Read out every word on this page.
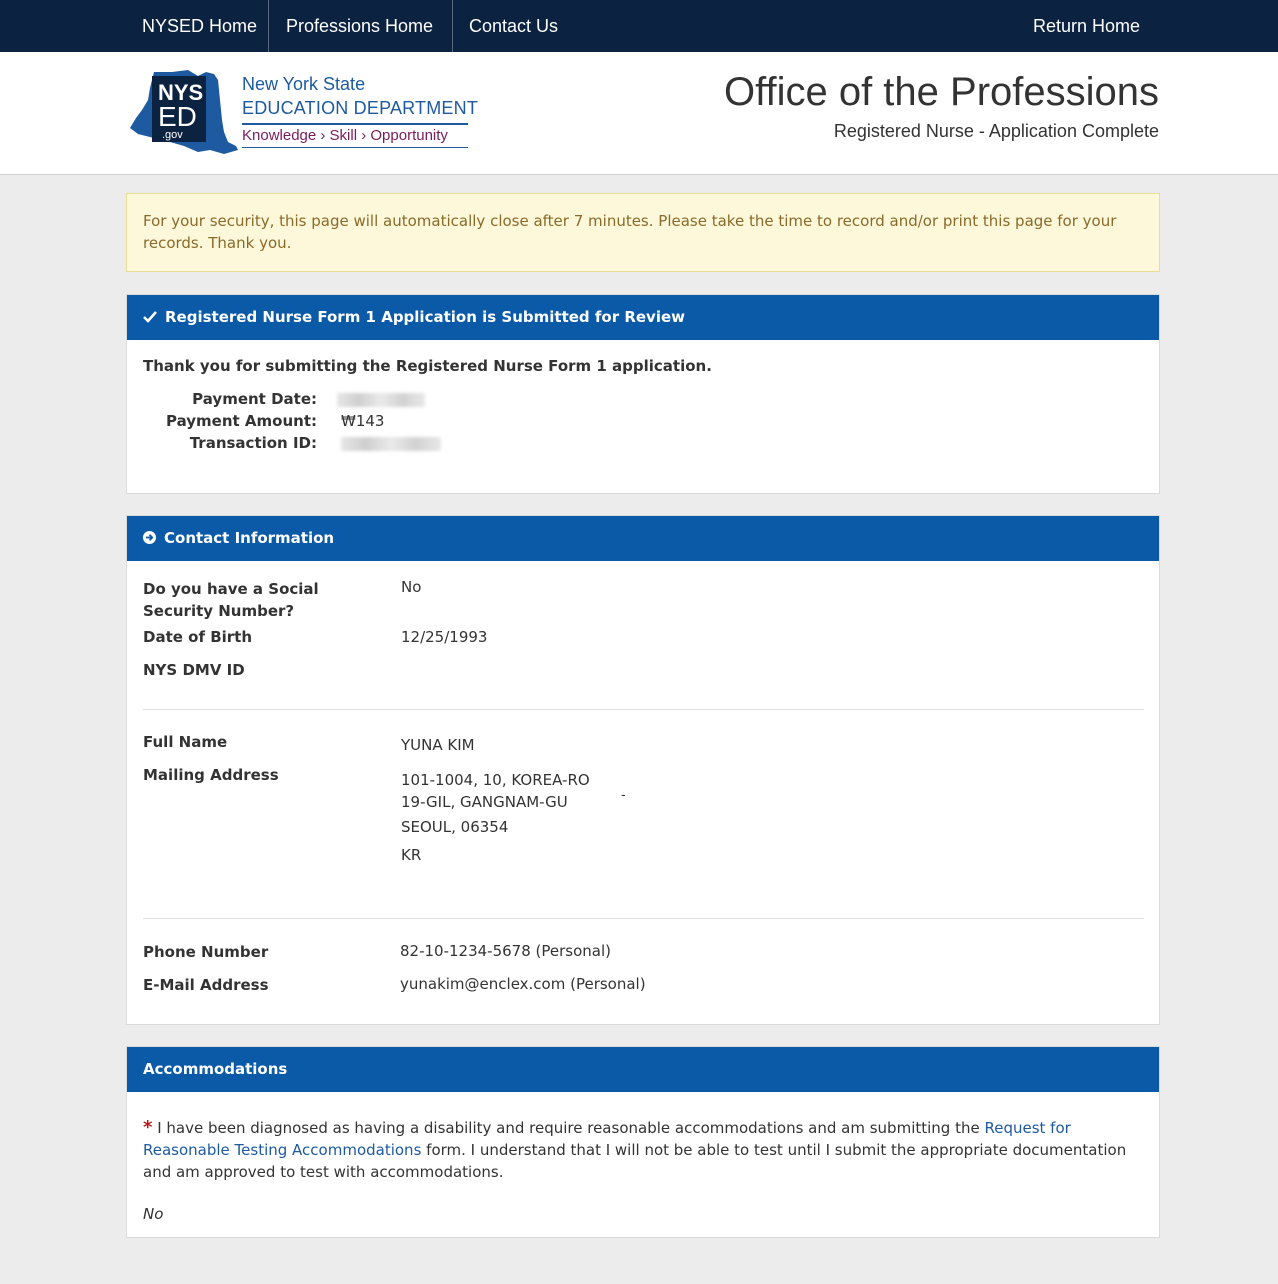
NYSED Home Professions Home Contact Us	Return Home
NYS
ED
.gov
New York State
EDUCATION DEPARTMENT
Knowledge › Skill › Opportunity
Office of the Professions
Registered Nurse - Application Complete
For your security, this page will automatically close after 7 minutes. Please take the time to record and/or print this page for your records. Thank you.
Registered Nurse Form 1 Application is Submitted for Review
Thank you for submitting the Registered Nurse Form 1 application.
Payment Date:
Payment Amount: ₩143
Transaction ID:
Contact Information
Do you have a Social Security Number?
No
Date of Birth	12/25/1993
NYS DMV ID
Full Name	YUNA KIM
Mailing Address	101-1004, 10, KOREA-RO 19-GIL, GANGNAM-GU	-
SEOUL, 06354
KR
Phone Number	82-10-1234-5678 (Personal)
E-Mail Address	yunakim@enclex.com (Personal)
Accommodations
* I have been diagnosed as having a disability and require reasonable accommodations and am submitting the Request for Reasonable Testing Accommodations form. I understand that I will not be able to test until I submit the appropriate documentation and am approved to test with accommodations.
No
